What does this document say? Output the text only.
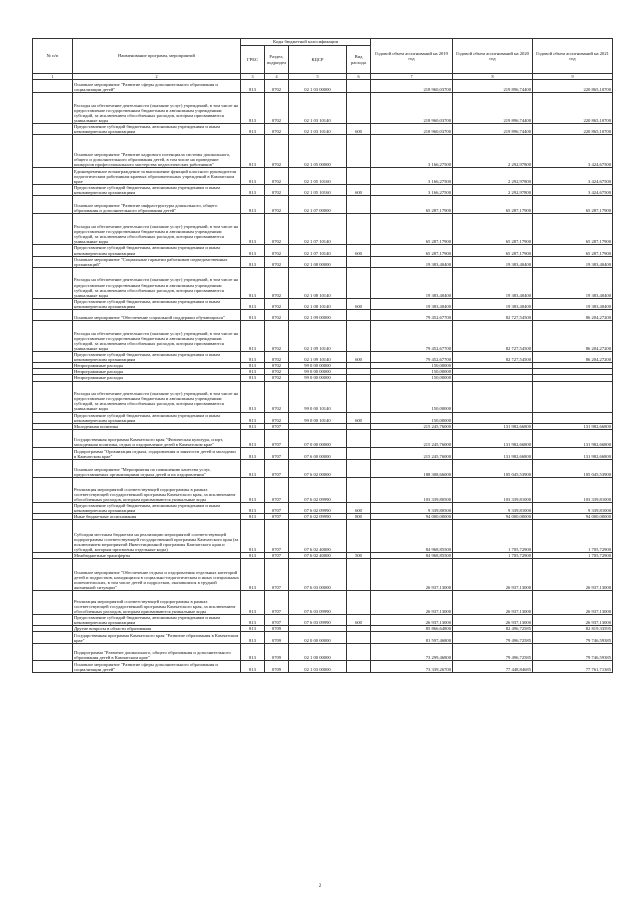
№ п/п	Наименование программ, мероприятий	Коды бюджетной классификации				Годовой объем ассигнований на 2019 год	Годовой объем ассигнований на 2020 год	Годовой объем ассигнований на 2021 год
		ГРБС	Раздел, подраздел	КЦСР	Вид расхода			
1	2	3	4	5	6	7	8	9
	Основное мероприятие "Развитие сферы дополнительного образования и социализации детей"	813	0702	02 1 03 00000		218 960,03700	219 896,74400	220 865,10700
	Расходы на обеспечение деятельности (оказание услуг) учреждений, в том числе на предоставление государственным бюджетным и автономным учреждениям субсидий, за исключением обособленных расходов, которым присваиваются уникальные коды	813	0702	02 1 03 10140		218 960,03700	219 896,74400	220 865,10700
	Предоставление субсидий бюджетным, автономным учреждениям и иным некоммерческим организациям	813	0702	02 1 03 10140	600	218 960,03700	219 896,74400	220 865,10700
	Основное мероприятие "Развитие кадрового потенциала системы дошкольного, общего и дополнительного образования детей, в том числе на проведение конкурсов профессионального мастерства педагогических работников"	813	0702	02 1 05 00000		3 166,27500	2 292,97800	3 424,67500
	Единовременное вознаграждение за выполнение функций классного руководителя педагогическим работникам краевых образовательных учреждений в Камчатском крае	813	0702	02 1 05 10160		3 166,27500	2 292,97800	3 424,67500
	Предоставление субсидий бюджетным, автономным учреждениям и иным некоммерческим организациям	813	0702	02 1 05 10160	600	3 166,27500	2 292,97800	3 424,67500
	Основное мероприятие "Развитие инфраструктуры дошкольного, общего образования и дополнительного образования детей"	813	0702	02 1 07 00000		65 287,17900	65 287,17900	65 287,17900
	Расходы на обеспечение деятельности (оказание услуг) учреждений, в том числе на предоставление государственным бюджетным и автономным учреждениям субсидий, за исключением обособленных расходов, которым присваиваются уникальные коды	813	0702	02 1 07 10140		65 287,17900	65 287,17900	65 287,17900
	Предоставление субсидий бюджетным, автономным учреждениям и иным некоммерческим организациям	813	0702	02 1 07 10140	600	65 287,17900	65 287,17900	65 287,17900
	Основное мероприятие "Социальные гарантии работников подведомственных организаций"	813	0702	02 1 08 00000		19 383,40400	19 383,40400	19 383,40400
	Расходы на обеспечение деятельности (оказание услуг) учреждений, в том числе на предоставление государственным бюджетным и автономным учреждениям субсидий, за исключением обособленных расходов, которым присваиваются уникальные коды	813	0702	02 1 08 10140		19 383,40400	19 383,40400	19 383,40400
	Предоставление субсидий бюджетным, автономным учреждениям и иным некоммерческим организациям	813	0702	02 1 08 10140	600	19 383,40400	19 383,40400	19 383,40400
	Основное мероприятие "Обеспечение социальной поддержки обучающихся"	813	0702	02 1 09 00000		79 452,67700	82 727,54500	86 204,27200
	Расходы на обеспечение деятельности (оказание услуг) учреждений, в том числе на предоставление государственным бюджетным и автономным учреждениям субсидий, за исключением обособленных расходов, которым присваиваются уникальные коды	813	0702	02 1 09 10140		79 452,67700	82 727,54500	86 204,27200
	Предоставление субсидий бюджетным, автономным учреждениям и иным некоммерческим организациям	813	0702	02 1 09 10140	600	79 452,67700	82 727,54500	86 204,27200
	Непрограммные расходы	813	0702	99 0 00 00000		150,00000		
	Непрограммные расходы	813	0702	99 0 00 00000		150,00000		
	Непрограммные расходы	813	0702	99 0 00 00000		150,00000		
	Расходы на обеспечение деятельности (оказание услуг) учреждений, в том числе на предоставление государственным бюджетным и автономным учреждениям субсидий, за исключением обособленных расходов, которым присваиваются уникальные коды	813	0702	99 0 00 10140		150,00000		
	Предоставление субсидий бюджетным, автономным учреждениям и иным некоммерческим организациям	813	0702	99 0 00 10140	600	150,00000		
	Молодежная политика	813	0707			215 245,76000	131 982,66800	131 982,66800
	Государственная программа Камчатского края "Физическая культура, спорт, молодежная политика, отдых и оздоровление детей в Камчатском крае"	813	0707	07 0 00 00000		215 245,76000	131 982,66800	131 982,66800
	Подпрограмма "Организация отдыха, оздоровления и занятости детей и молодежи в Камчатском крае"	813	0707	07 6 00 00000		215 245,76000	131 982,66800	131 982,66800
	Основное мероприятие "Мероприятия по повышению качества услуг, предоставляемых организациями отдыха детей и их оздоровления"	813	0707	07 6 02 00000		188 308,66000	105 045,53900	105 045,53900
	Реализация мероприятий соответствующей подпрограммы в рамках соответствующей государственной программы Камчатского края, за исключением обособленных расходов, которым присваиваются уникальные коды	813	0707	07 6 02 09990		103 339,80500	103 339,81000	103 339,81000
	Предоставление субсидий бюджетным, автономным учреждениям и иным некоммерческим организациям	813	0707	07 6 02 09990	600	9 339,80500	9 339,81000	9 339,81000
	Иные бюджетные ассигнования	813	0707	07 6 02 09990	800	94 000,00000	94 000,00000	94 000,00000
	Субсидии местным бюджетам на реализацию мероприятий соответствующей подпрограммы соответствующей государственной программы Камчатского края (за исключением мероприятий Инвестиционной программы Камчатского края и субсидий, которым присвоены отдельные коды)	813	0707	07 6 02 40000		84 968,85500	1 705,72900	1 705,72900
	Межбюджетные трансферты	813	0707	07 6 02 40000	500	84 968,85500	1 705,72900	1 705,72900
	Основное мероприятие "Обеспечение отдыха и оздоровления отдельных категорий детей и подростков, находящихся в социально-педагогическом и иных специальных попечительских, в том числе детей и подростков, оказавшихся в трудной жизненной ситуации"	813	0707	07 6 03 00000		26 937,13000	26 937,13000	26 937,13000
	Реализация мероприятий соответствующей подпрограммы в рамках соответствующей государственной программы Камчатского края, за исключением обособленных расходов, которым присваиваются уникальные коды	813	0707	07 6 03 09990		26 937,13000	26 937,13000	26 937,13000
	Предоставление субсидий бюджетным, автономным учреждениям и иным некоммерческим организациям	813	0707	07 6 03 09990	600	26 937,13000	26 937,13000	26 937,13000
	Другие вопросы в области образования	813	0709			85 866,64800	82 496,72585	82 819,33595
	Государственная программа Камчатского края "Развитие образования в Камчатском крае"	813	0709	02 0 00 00000		81 597,46800	79 496,72585	79 746,59385
	Подпрограмма "Развитие дошкольного, общего образования и дополнительного образования детей в Камчатском крае"	813	0709	02 1 00 00000		73 299,46800	79 496,72585	79 746,59385
	Основное мероприятие "Развитие сферы дополнительного образования и социализации детей"	813	0709	02 1 03 00000		73 339,26700	77 448,84685	77 761,71385
2
